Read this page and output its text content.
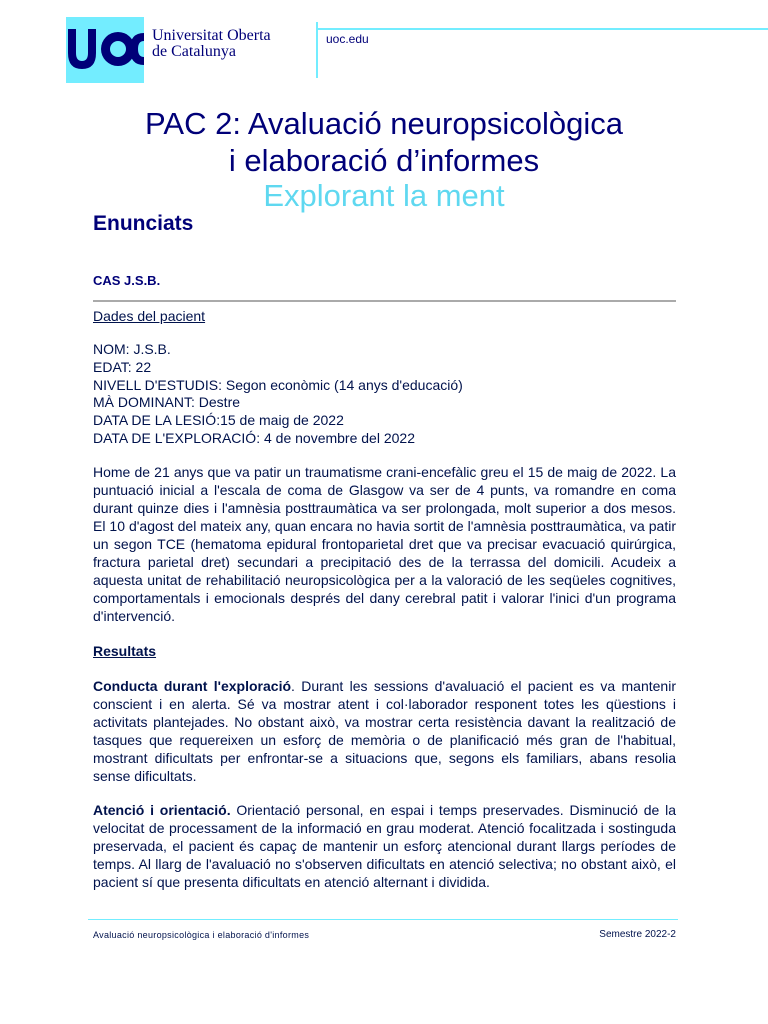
Universitat Oberta
de Catalunya
uoc.edu
PAC 2: Avaluació neuropsicològica
i elaboració d’informes
Explorant la ment
Enunciats
CAS J.S.B.
Dades del pacient
NOM: J.S.B.
EDAT: 22
NIVELL D'ESTUDIS: Segon econòmic (14 anys d'educació)
MÀ DOMINANT: Destre
DATA DE LA LESIÓ:15 de maig de 2022
DATA DE L'EXPLORACIÓ: 4 de novembre del 2022
Home de 21 anys que va patir un traumatisme crani-encefàlic greu el 15 de maig de 2022. La puntuació inicial a l'escala de coma de Glasgow va ser de 4 punts, va romandre en coma durant quinze dies i l'amnèsia posttraumàtica va ser prolongada, molt superior a dos mesos. El 10 d'agost del mateix any, quan encara no havia sortit de l'amnèsia posttraumàtica, va patir un segon TCE (hematoma epidural frontoparietal dret que va precisar evacuació quirúrgica, fractura parietal dret) secundari a precipitació des de la terrassa del domicili. Acudeix a aquesta unitat de rehabilitació neuropsicològica per a la valoració de les seqüeles cognitives, comportamentals i emocionals després del dany cerebral patit i valorar l'inici d'un programa d'intervenció.
Resultats
Conducta durant l'exploració. Durant les sessions d'avaluació el pacient es va mantenir conscient i en alerta. Sé va mostrar atent i col·laborador responent totes les qüestions i activitats plantejades. No obstant això, va mostrar certa resistència davant la realització de tasques que requereixen un esforç de memòria o de planificació més gran de l'habitual, mostrant dificultats per enfrontar-se a situacions que, segons els familiars, abans resolia sense dificultats.
Atenció i orientació. Orientació personal, en espai i temps preservades. Disminució de la velocitat de processament de la informació en grau moderat. Atenció focalitzada i sostinguda preservada, el pacient és capaç de mantenir un esforç atencional durant llargs períodes de temps. Al llarg de l'avaluació no s'observen dificultats en atenció selectiva; no obstant això, el pacient sí que presenta dificultats en atenció alternant i dividida.
Avaluació neuropsicològica i elaboració d'informes	Semestre 2022-2
